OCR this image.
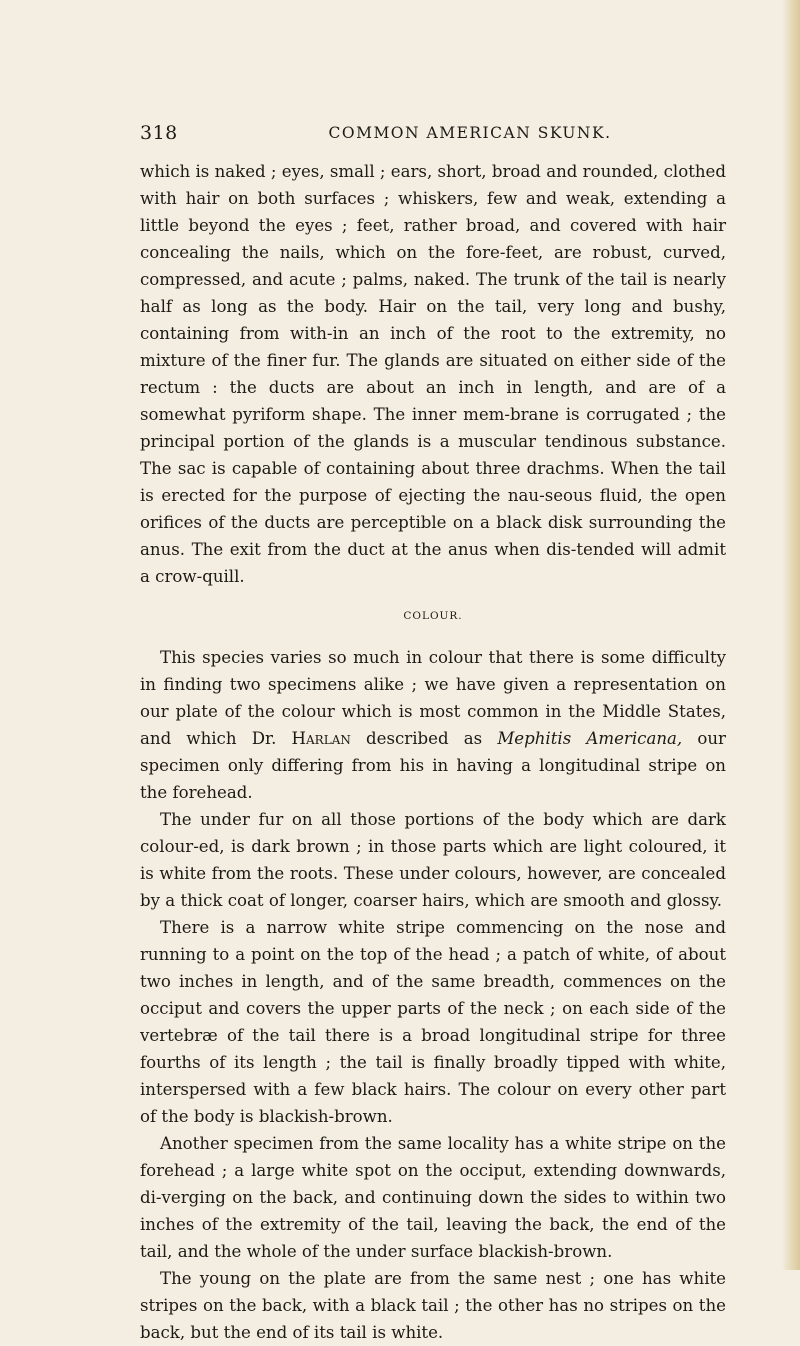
318	COMMON AMERICAN SKUNK.

which is naked ; eyes, small ; ears, short, broad and rounded, clothed with hair on both surfaces ; whiskers, few and weak, extending a little beyond the eyes ; feet, rather broad, and covered with hair concealing the nails, which on the fore-feet, are robust, curved, compressed, and acute ; palms, naked. The trunk of the tail is nearly half as long as the body. Hair on the tail, very long and bushy, containing from with-in an inch of the root to the extremity, no mixture of the finer fur. The glands are situated on either side of the rectum : the ducts are about an inch in length, and are of a somewhat pyriform shape. The inner mem-brane is corrugated ; the principal portion of the glands is a muscular tendinous substance. The sac is capable of containing about three drachms. When the tail is erected for the purpose of ejecting the nau-seous fluid, the open orifices of the ducts are perceptible on a black disk surrounding the anus. The exit from the duct at the anus when dis-tended will admit a crow-quill.

COLOUR.

This species varies so much in colour that there is some difficulty in finding two specimens alike ; we have given a representation on our plate of the colour which is most common in the Middle States, and which Dr. Harlan described as Mephitis Americana, our specimen only differing from his in having a longitudinal stripe on the forehead.

The under fur on all those portions of the body which are dark colour-ed, is dark brown ; in those parts which are light coloured, it is white from the roots. These under colours, however, are concealed by a thick coat of longer, coarser hairs, which are smooth and glossy.

There is a narrow white stripe commencing on the nose and running to a point on the top of the head ; a patch of white, of about two inches in length, and of the same breadth, commences on the occiput and covers the upper parts of the neck ; on each side of the vertebræ of the tail there is a broad longitudinal stripe for three fourths of its length ; the tail is finally broadly tipped with white, interspersed with a few black hairs. The colour on every other part of the body is blackish-brown.

Another specimen from the same locality has a white stripe on the forehead ; a large white spot on the occiput, extending downwards, di-verging on the back, and continuing down the sides to within two inches of the extremity of the tail, leaving the back, the end of the tail, and the whole of the under surface blackish-brown.

The young on the plate are from the same nest ; one has white stripes on the back, with a black tail ; the other has no stripes on the back, but the end of its tail is white.
